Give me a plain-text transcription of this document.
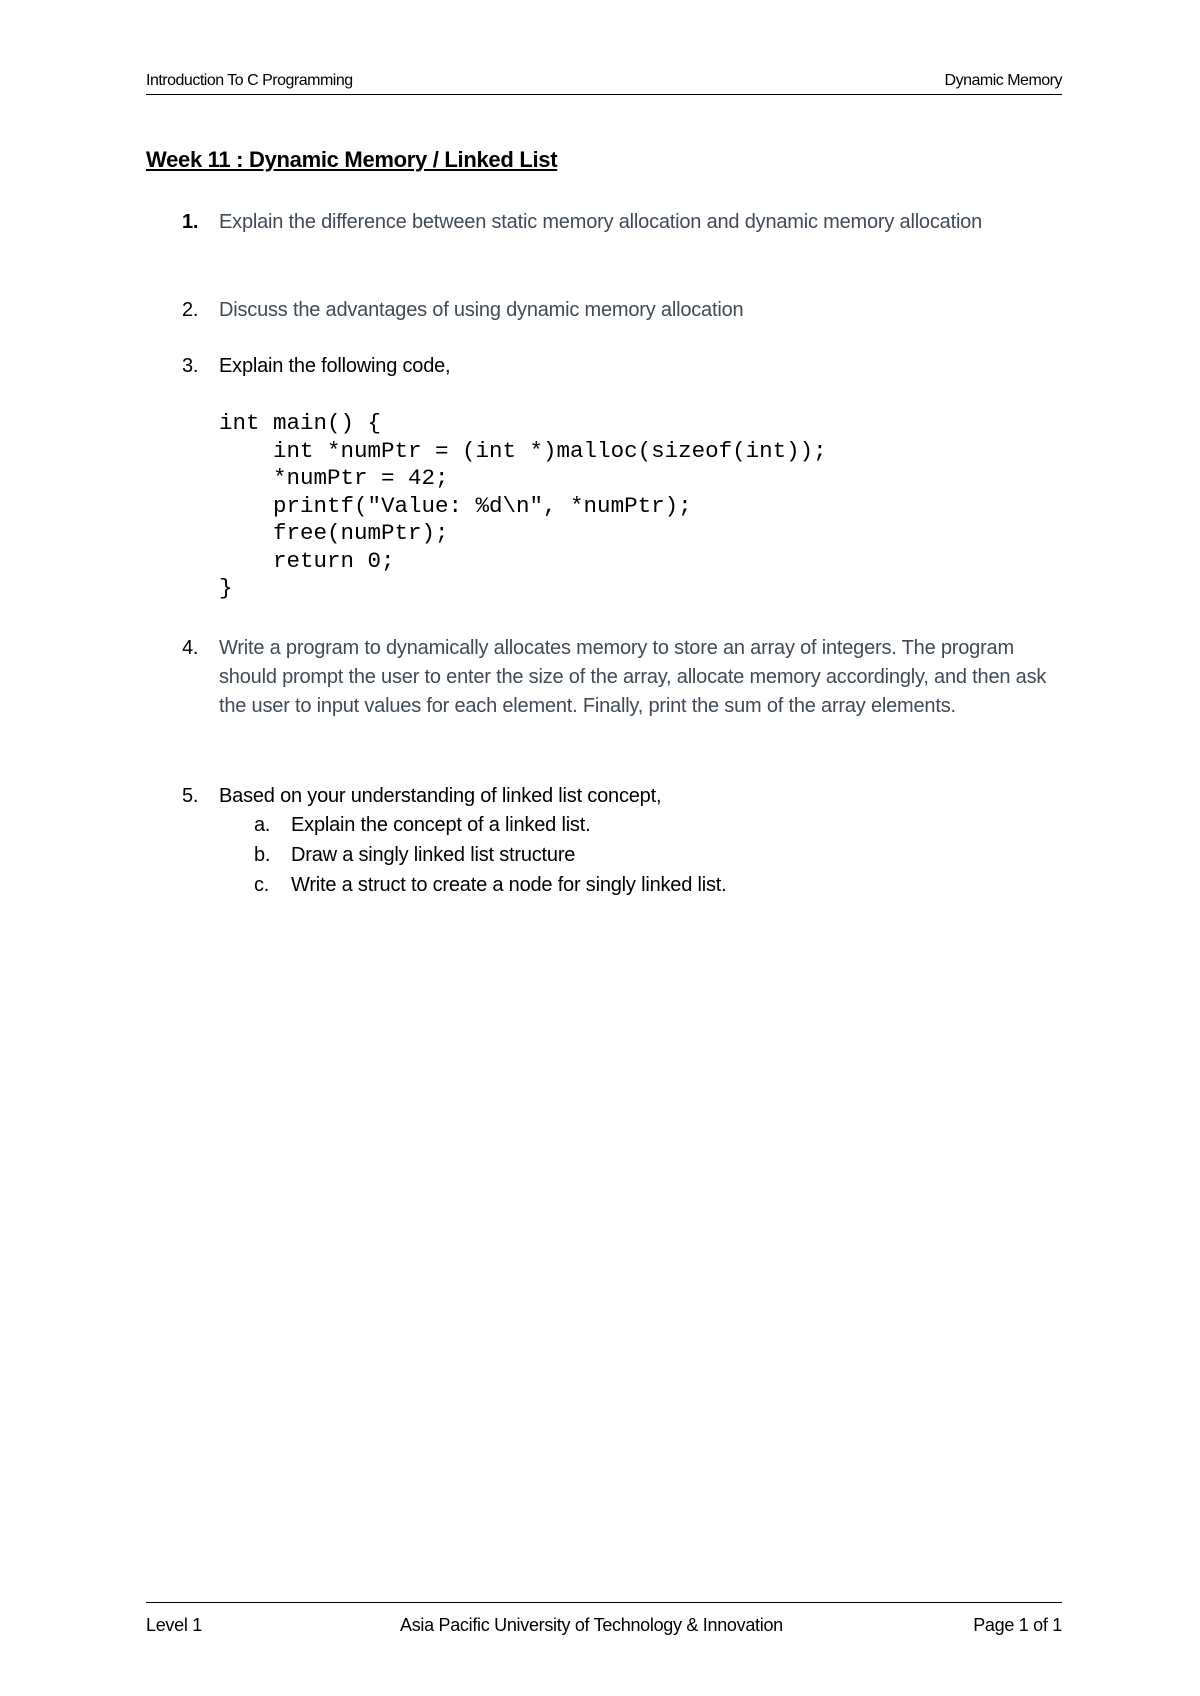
Introduction To C Programming	Dynamic Memory
Week 11 : Dynamic Memory / Linked List
1.	Explain the difference between static memory allocation and dynamic memory allocation
2.	Discuss the advantages of using dynamic memory allocation
3.	Explain the following code,
int main() {
int *numPtr = (int *)malloc(sizeof(int));
*numPtr = 42;
printf("Value: %d\n", *numPtr);
free(numPtr);
return 0;
}
4.	Write a program to dynamically allocates memory to store an array of integers. The program should prompt the user to enter the size of the array, allocate memory accordingly, and then ask the user to input values for each element. Finally, print the sum of the array elements.
5.	Based on your understanding of linked list concept,
a. Explain the concept of a linked list.
b. Draw a singly linked list structure
c. Write a struct to create a node for singly linked list.
Level 1	Asia Pacific University of Technology & Innovation	Page 1 of 1
